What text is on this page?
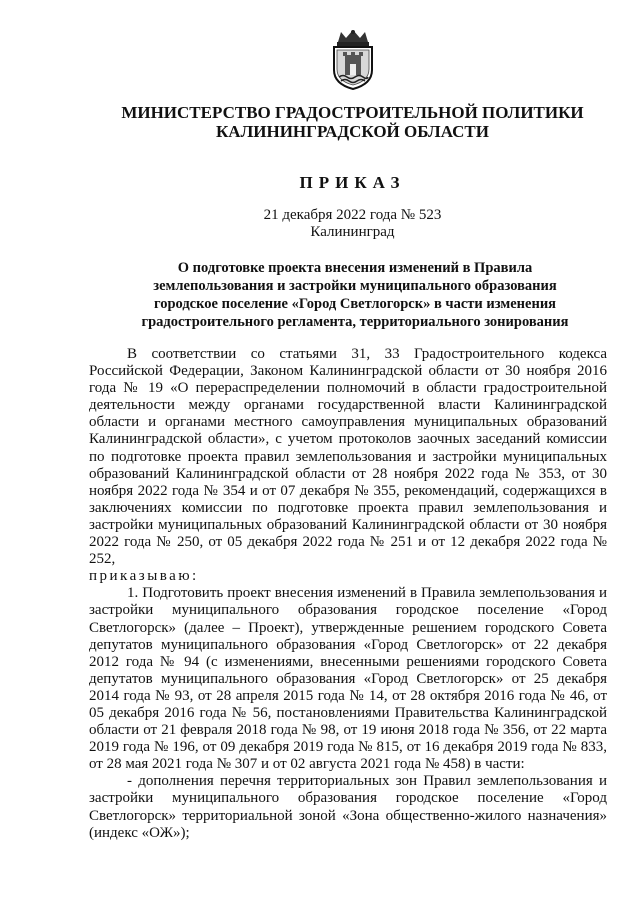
МИНИСТЕРСТВО ГРАДОСТРОИТЕЛЬНОЙ ПОЛИТИКИ
КАЛИНИНГРАДСКОЙ ОБЛАСТИ
ПРИКАЗ
21 декабря 2022 года № 523
Калининград
О подготовке проекта внесения изменений в Правила
землепользования и застройки муниципального образования
городское поселение «Город Светлогорск» в части изменения
градостроительного регламента, территориального зонирования

В соответствии со статьями 31, 33 Градостроительного кодекса Российской Федерации, Законом Калининградской области от 30 ноября 2016 года № 19 «О перераспределении полномочий в области градостроительной деятельности между органами государственной власти Калининградской области и органами местного самоуправления муниципальных образований Калининградской области», с учетом протоколов заочных заседаний комиссии по подготовке проекта правил землепользования и застройки муниципальных образований Калининградской области от 28 ноября 2022 года № 353, от 30 ноября 2022 года № 354 и от 07 декабря № 355, рекомендаций, содержащихся в заключениях комиссии по подготовке проекта правил землепользования и застройки муниципальных образований Калининградской области от 30 ноября 2022 года № 250, от 05 декабря 2022 года № 251 и от 12 декабря 2022 года № 252,

приказываю:

1. Подготовить проект внесения изменений в Правила землепользования и застройки муниципального образования городское поселение «Город Светлогорск» (далее – Проект), утвержденные решением городского Совета депутатов муниципального образования «Город Светлогорск» от 22 декабря 2012 года № 94 (с изменениями, внесенными решениями городского Совета депутатов муниципального образования «Город Светлогорск» от 25 декабря 2014 года № 93, от 28 апреля 2015 года № 14, от 28 октября 2016 года № 46, от 05 декабря 2016 года № 56, постановлениями Правительства Калининградской области от 21 февраля 2018 года № 98, от 19 июня 2018 года № 356, от 22 марта 2019 года № 196, от 09 декабря 2019 года № 815, от 16 декабря 2019 года № 833, от 28 мая 2021 года № 307 и от 02 августа 2021 года № 458) в части:

- дополнения перечня территориальных зон Правил землепользования и застройки муниципального образования городское поселение «Город Светлогорск» территориальной зоной «Зона общественно-жилого назначения» (индекс «ОЖ»);
